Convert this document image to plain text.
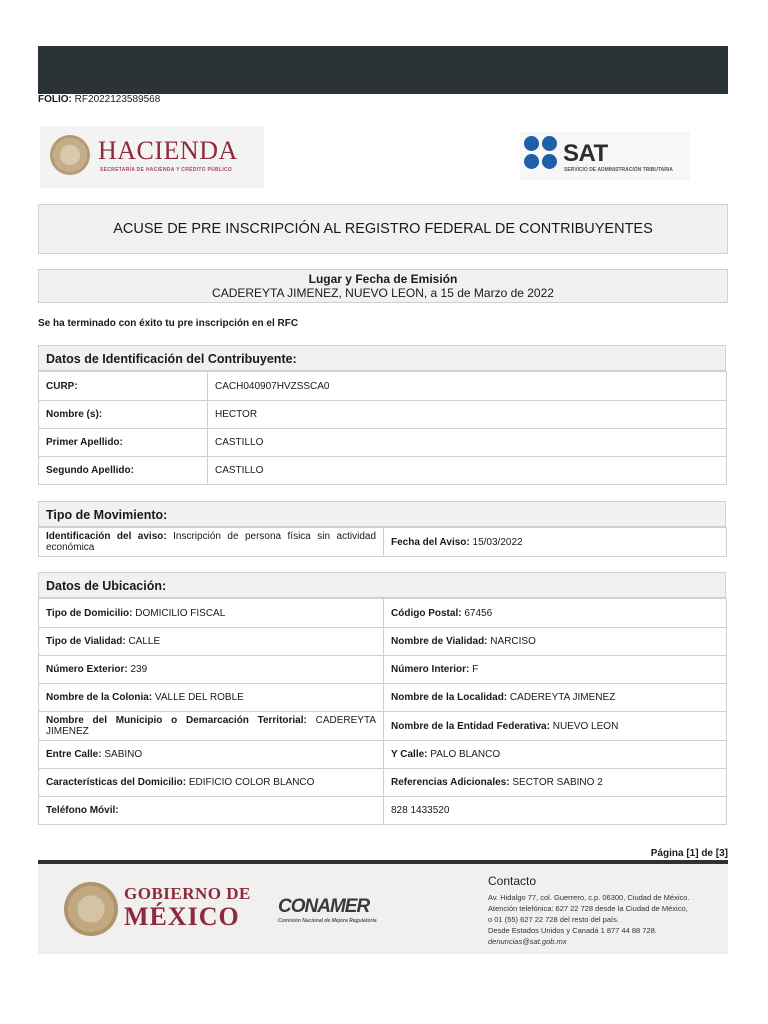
FOLIO: RF2022123589568
HACIENDA
SECRETARÍA DE HACIENDA Y CRÉDITO PÚBLICO
SAT
SERVICIO DE ADMINISTRACIÓN TRIBUTARIA
ACUSE DE PRE INSCRIPCIÓN AL REGISTRO FEDERAL DE CONTRIBUYENTES
Lugar y Fecha de Emisión
CADEREYTA JIMENEZ, NUEVO LEON, a 15 de Marzo de 2022
Se ha terminado con éxito tu pre inscripción en el RFC
Datos de Identificación del Contribuyente:
CURP:	CACH040907HVZSSCA0
Nombre (s):	HECTOR
Primer Apellido:	CASTILLO
Segundo Apellido:	CASTILLO
Tipo de Movimiento:
Identificación del aviso: Inscripción de persona física sin actividad económica	Fecha del Aviso: 15/03/2022
Datos de Ubicación:
Tipo de Domicilio: DOMICILIO FISCAL	Código Postal: 67456
Tipo de Vialidad: CALLE	Nombre de Vialidad: NARCISO
Número Exterior: 239	Número Interior: F
Nombre de la Colonia: VALLE DEL ROBLE	Nombre de la Localidad: CADEREYTA JIMENEZ
Nombre del Municipio o Demarcación Territorial: CADEREYTA JIMENEZ	Nombre de la Entidad Federativa: NUEVO LEON
Entre Calle: SABINO	Y Calle: PALO BLANCO
Características del Domicilio: EDIFICIO COLOR BLANCO	Referencias Adicionales: SECTOR SABINO 2
Teléfono Móvil:	828 1433520
Página [1] de [3]
GOBIERNO DE
MÉXICO CONAMER
Comisión Nacional de Mejora Regulatoria
Contacto
Av. Hidalgo 77, col. Guerrero, c.p. 06300, Ciudad de México.
Atención telefónica: 627 22 728 desde la Ciudad de México,
o 01 (55) 627 22 728 del resto del país.
Desde Estados Unidos y Canadá 1 877 44 88 728.
denuncias@sat.gob.mx
